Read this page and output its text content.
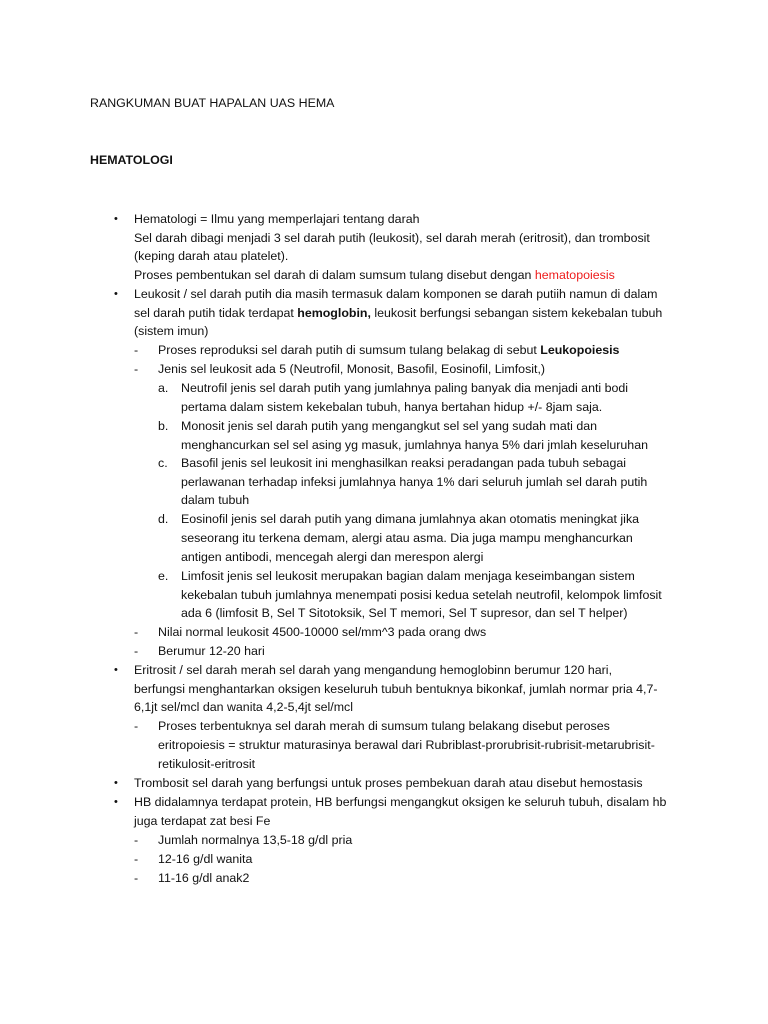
RANGKUMAN BUAT HAPALAN UAS HEMA
HEMATOLOGI
• Hematologi = Ilmu yang memperlajari tentang darah
Sel darah dibagi menjadi 3 sel darah putih (leukosit), sel darah merah (eritrosit), dan trombosit
(keping darah atau platelet).
Proses pembentukan sel darah di dalam sumsum tulang disebut dengan hematopoiesis
• Leukosit / sel darah putih dia masih termasuk dalam komponen se darah putiih namun di dalam
sel darah putih tidak terdapat hemoglobin, leukosit berfungsi sebangan sistem kekebalan tubuh
(sistem imun)
- Proses reproduksi sel darah putih di sumsum tulang belakag di sebut Leukopoiesis
- Jenis sel leukosit ada 5 (Neutrofil, Monosit, Basofil, Eosinofil, Limfosit,)
a. Neutrofil jenis sel darah putih yang jumlahnya paling banyak dia menjadi anti bodi
pertama dalam sistem kekebalan tubuh, hanya bertahan hidup +/- 8jam saja.
b. Monosit jenis sel darah putih yang mengangkut sel sel yang sudah mati dan
menghancurkan sel sel asing yg masuk, jumlahnya hanya 5% dari jmlah keseluruhan
c. Basofil jenis sel leukosit ini menghasilkan reaksi peradangan pada tubuh sebagai
perlawanan terhadap infeksi jumlahnya hanya 1% dari seluruh jumlah sel darah putih
dalam tubuh
d. Eosinofil jenis sel darah putih yang dimana jumlahnya akan otomatis meningkat jika
seseorang itu terkena demam, alergi atau asma. Dia juga mampu menghancurkan
antigen antibodi, mencegah alergi dan merespon alergi
e. Limfosit jenis sel leukosit merupakan bagian dalam menjaga keseimbangan sistem
kekebalan tubuh jumlahnya menempati posisi kedua setelah neutrofil, kelompok limfosit
ada 6 (limfosit B, Sel T Sitotoksik, Sel T memori, Sel T supresor, dan sel T helper)
- Nilai normal leukosit 4500-10000 sel/mm^3 pada orang dws
- Berumur 12-20 hari
• Eritrosit / sel darah merah sel darah yang mengandung hemoglobinn berumur 120 hari,
berfungsi menghantarkan oksigen keseluruh tubuh bentuknya bikonkaf, jumlah normar pria 4,7-
6,1jt sel/mcl dan wanita 4,2-5,4jt sel/mcl
- Proses terbentuknya sel darah merah di sumsum tulang belakang disebut peroses
eritropoiesis = struktur maturasinya berawal dari Rubriblast-prorubrisit-rubrisit-metarubrisit-
retikulosit-eritrosit
• Trombosit sel darah yang berfungsi untuk proses pembekuan darah atau disebut hemostasis
• HB didalamnya terdapat protein, HB berfungsi mengangkut oksigen ke seluruh tubuh, disalam hb
juga terdapat zat besi Fe
- Jumlah normalnya 13,5-18 g/dl pria
- 12-16 g/dl wanita
- 11-16 g/dl anak2
